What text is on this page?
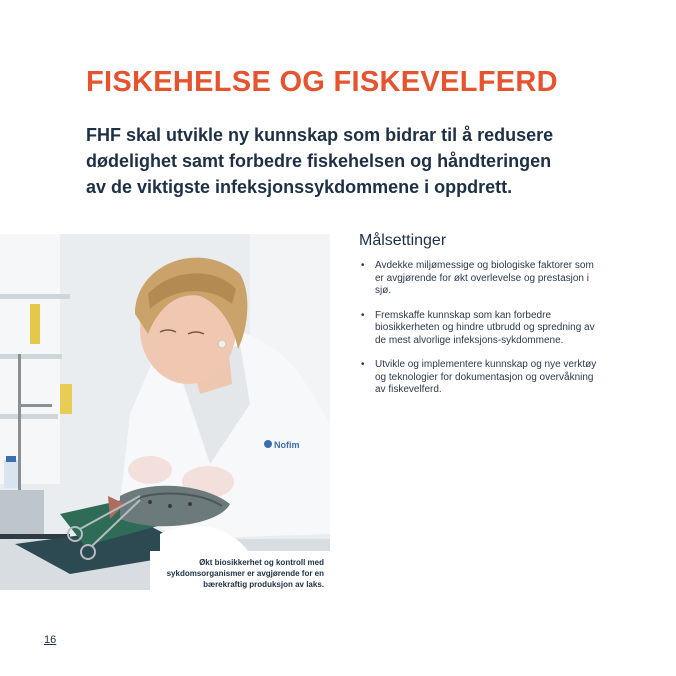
FISKEHELSE OG FISKEVELFERD
FHF skal utvikle ny kunnskap som bidrar til å redusere dødelighet samt forbedre fiskehelsen og håndteringen av de viktigste infeksjonssykdommene i oppdrett.
Nofim
Økt biosikkerhet og kontroll med sykdomsorganismer er avgjørende for en bærekraftig produksjon av laks.
Målsettinger
• Avdekke miljømessige og biologiske faktorer som er avgjørende for økt overlevelse og prestasjon i sjø.
• Fremskaffe kunnskap som kan forbedre biosikkerheten og hindre utbrudd og spredning av de mest alvorlige infeksjons-sykdommene.
• Utvikle og implementere kunnskap og nye verktøy og teknologier for dokumentasjon og overvåkning av fiskevelferd.
16
